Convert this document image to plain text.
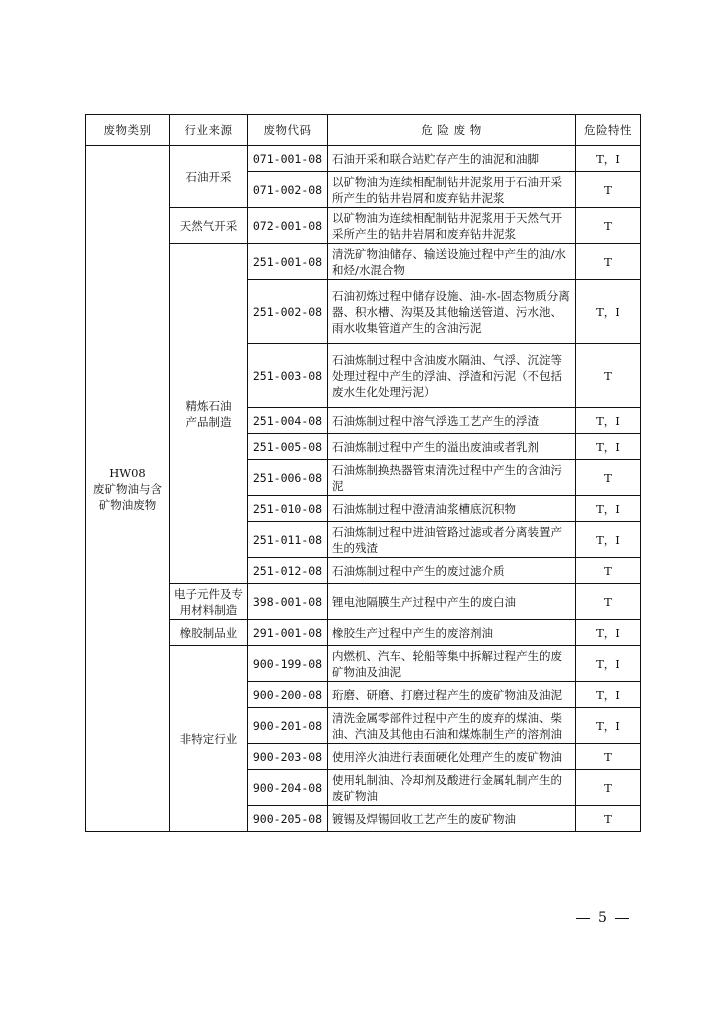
废物类别	行业来源	废物代码	危 险 废 物	危险特性
HW08
废矿物油与含
矿物油废物	石油开采	071-001-08	石油开采和联合站贮存产生的油泥和油脚	T，I
		071-002-08	以矿物油为连续相配制钻井泥浆用于石油开采所产生的钻井岩屑和废弃钻井泥浆	T
	天然气开采	072-001-08	以矿物油为连续相配制钻井泥浆用于天然气开采所产生的钻井岩屑和废弃钻井泥浆	T
	精炼石油
产品制造	251-001-08	清洗矿物油储存、输送设施过程中产生的油/水和烃/水混合物	T
		251-002-08	石油初炼过程中储存设施、油-水-固态物质分离器、积水槽、沟渠及其他输送管道、污水池、雨水收集管道产生的含油污泥	T，I
		251-003-08	石油炼制过程中含油废水隔油、气浮、沉淀等处理过程中产生的浮油、浮渣和污泥（不包括废水生化处理污泥）	T
		251-004-08	石油炼制过程中溶气浮选工艺产生的浮渣	T，I
		251-005-08	石油炼制过程中产生的溢出废油或者乳剂	T，I
		251-006-08	石油炼制换热器管束清洗过程中产生的含油污泥	T
		251-010-08	石油炼制过程中澄清油浆槽底沉积物	T，I
		251-011-08	石油炼制过程中进油管路过滤或者分离装置产生的残渣	T，I
		251-012-08	石油炼制过程中产生的废过滤介质	T
	电子元件及专
用材料制造	398-001-08	锂电池隔膜生产过程中产生的废白油	T
	橡胶制品业	291-001-08	橡胶生产过程中产生的废溶剂油	T，I
	非特定行业	900-199-08	内燃机、汽车、轮船等集中拆解过程产生的废矿物油及油泥	T，I
		900-200-08	珩磨、研磨、打磨过程产生的废矿物油及油泥	T，I
		900-201-08	清洗金属零部件过程中产生的废弃的煤油、柴油、汽油及其他由石油和煤炼制生产的溶剂油	T，I
		900-203-08	使用淬火油进行表面硬化处理产生的废矿物油	T
		900-204-08	使用轧制油、冷却剂及酸进行金属轧制产生的废矿物油	T
		900-205-08	镀锡及焊锡回收工艺产生的废矿物油	T
5
